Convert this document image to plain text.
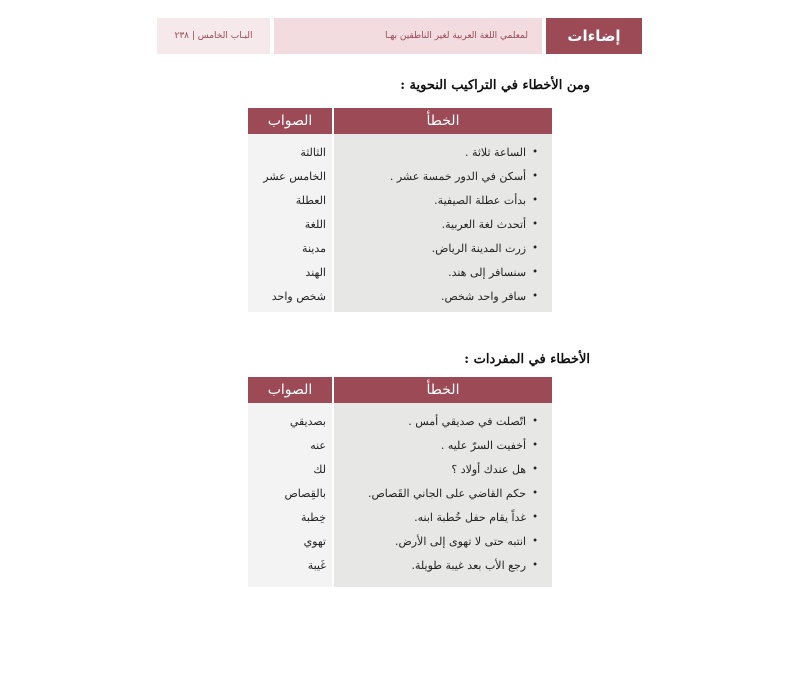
إضاءات
لمعلمي اللغة العربية لغير الناطقين بهـا
البـاب الخامس | ٢٣٨
ومن الأخطاء في التراكيب النحوية :
الخطأ
الصواب
الثالثة
الخامس عشر
العطلة
اللغة
مدينة
الهند
شخص واحد
•
الساعة ثلاثة .
•
أسكن في الدور خمسة عشر .
•
بدأت عطلة الصيفية.
•
أتحدث لغة العربية.
•
زرت المدينة الرياض.
•
سنسافر إلى هند.
•
سافر واحد شخص.
الأخطاء في المفردات :
الخطأ
الصواب
بصديقي
عنه
لك
بالقِصاص
خِطبة
تهوي
غَيبة
•
اتّصلت في صديقي أمس .
•
أخفيت السرّ عليه .
•
هل عندك أولاد ؟
•
حكم القاضي على الجاني القَصاص.
•
غداً يقام حفل خُطبة ابنه.
•
انتبه حتى لا تهوى إلى الأرض.
•
رجع الأب بعد غيبة طويلة.
